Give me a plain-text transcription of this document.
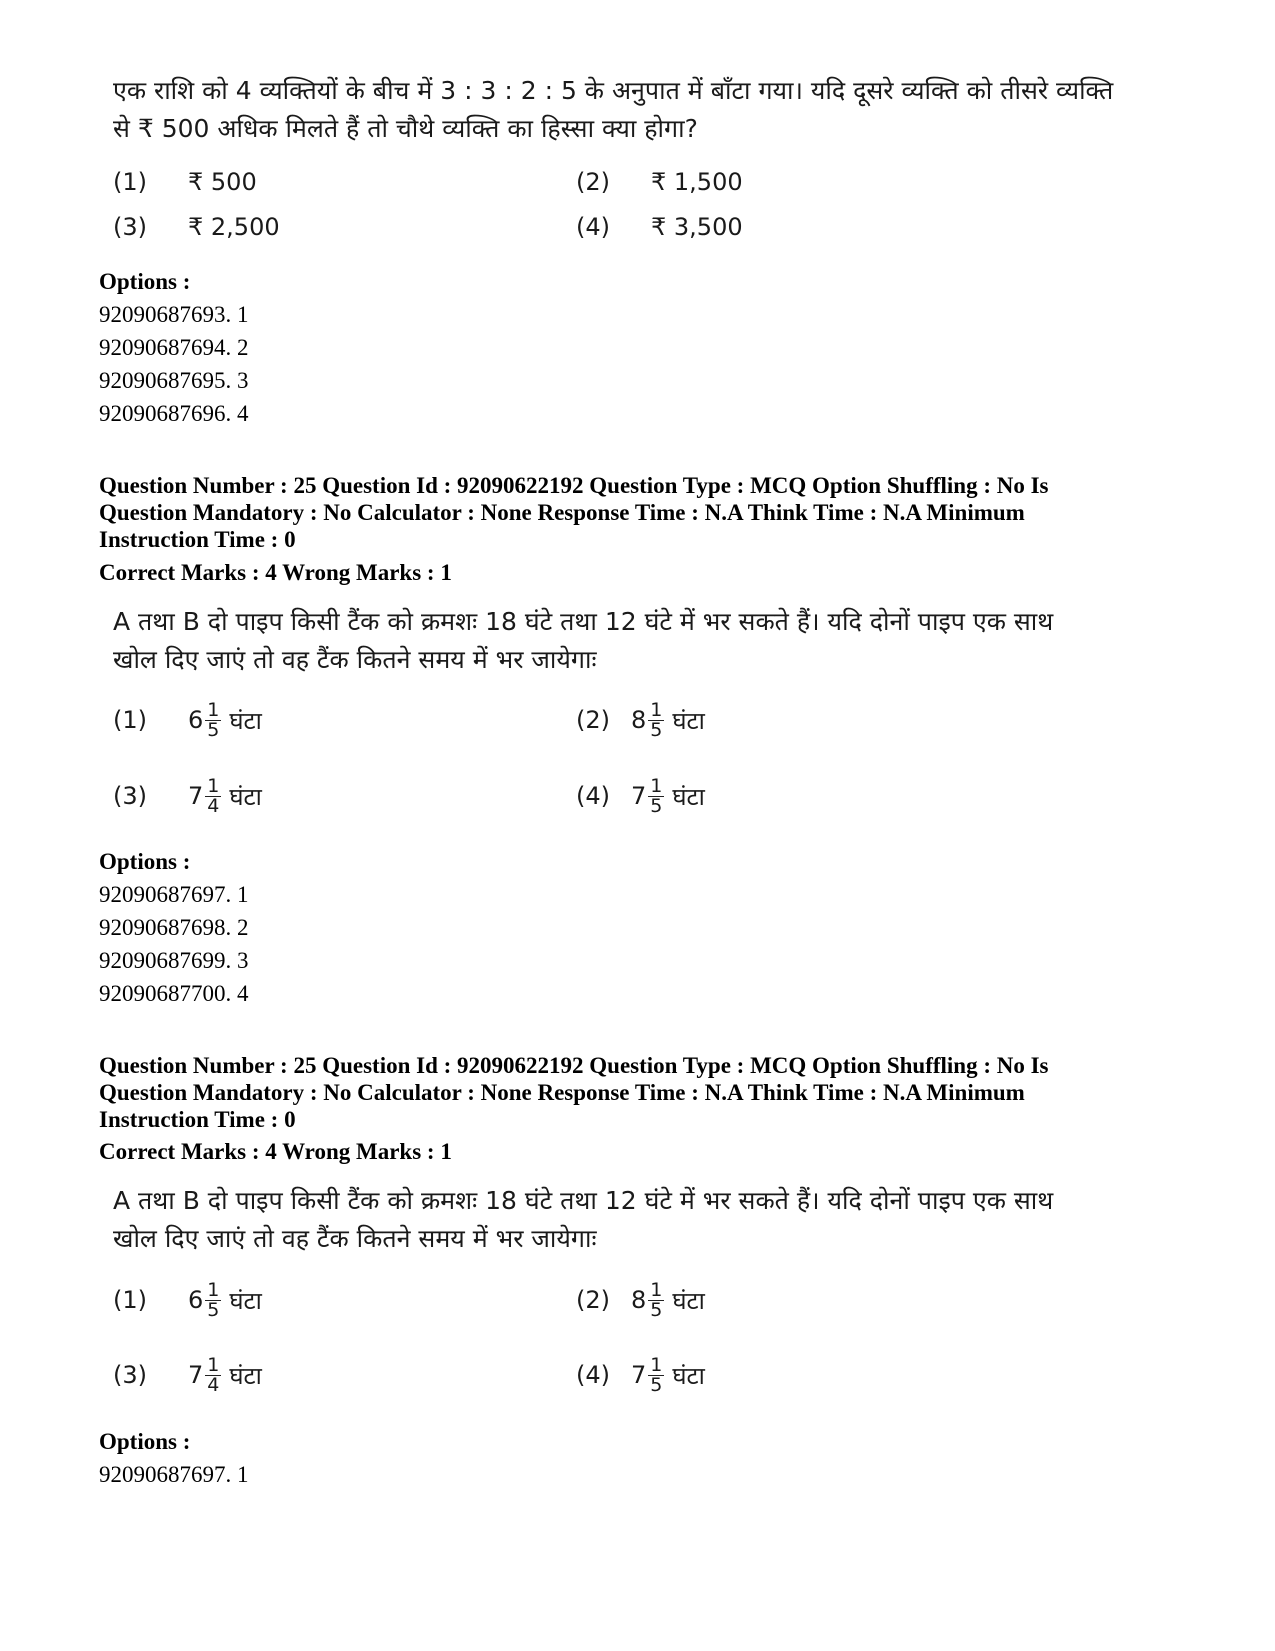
एक राशि को 4 व्यक्तियों के बीच में 3 : 3 : 2 : 5 के अनुपात में बाँटा गया। यदि दूसरे व्यक्ति को तीसरे व्यक्ति
से ₹ 500 अधिक मिलते हैं तो चौथे व्यक्ति का हिस्सा क्या होगा?
(1)	₹ 500	(2)	₹ 1,500
(3)	₹ 2,500	(4)	₹ 3,500
Options :
92090687693. 1
92090687694. 2
92090687695. 3
92090687696. 4
Question Number : 25 Question Id : 92090622192 Question Type : MCQ Option Shuffling : No Is
Question Mandatory : No Calculator : None Response Time : N.A Think Time : N.A Minimum
Instruction Time : 0
Correct Marks : 4 Wrong Marks : 1
A तथा B दो पाइप किसी टैंक को क्रमशः 18 घंटे तथा 12 घंटे में भर सकते हैं। यदि दोनों पाइप एक साथ
खोल दिए जाएं तो वह टैंक कितने समय में भर जायेगाः
(1)	$6 \frac{1}{5}$ घंटा	(2) $8 \frac{1}{5}$ घंटा
(3)	$7 \frac{1}{4}$ घंटा	(4) $7 \frac{1}{5}$ घंटा
Options :
92090687697. 1
92090687698. 2
92090687699. 3
92090687700. 4
Question Number : 25 Question Id : 92090622192 Question Type : MCQ Option Shuffling : No Is
Question Mandatory : No Calculator : None Response Time : N.A Think Time : N.A Minimum
Instruction Time : 0
Correct Marks : 4 Wrong Marks : 1
A तथा B दो पाइप किसी टैंक को क्रमशः 18 घंटे तथा 12 घंटे में भर सकते हैं। यदि दोनों पाइप एक साथ
खोल दिए जाएं तो वह टैंक कितने समय में भर जायेगाः
(1)	$6 \frac{1}{5}$ घंटा	(2) $8 \frac{1}{5}$ घंटा
(3)	$7 \frac{1}{4}$ घंटा	(4) $7 \frac{1}{5}$ घंटा
Options :
92090687697. 1
